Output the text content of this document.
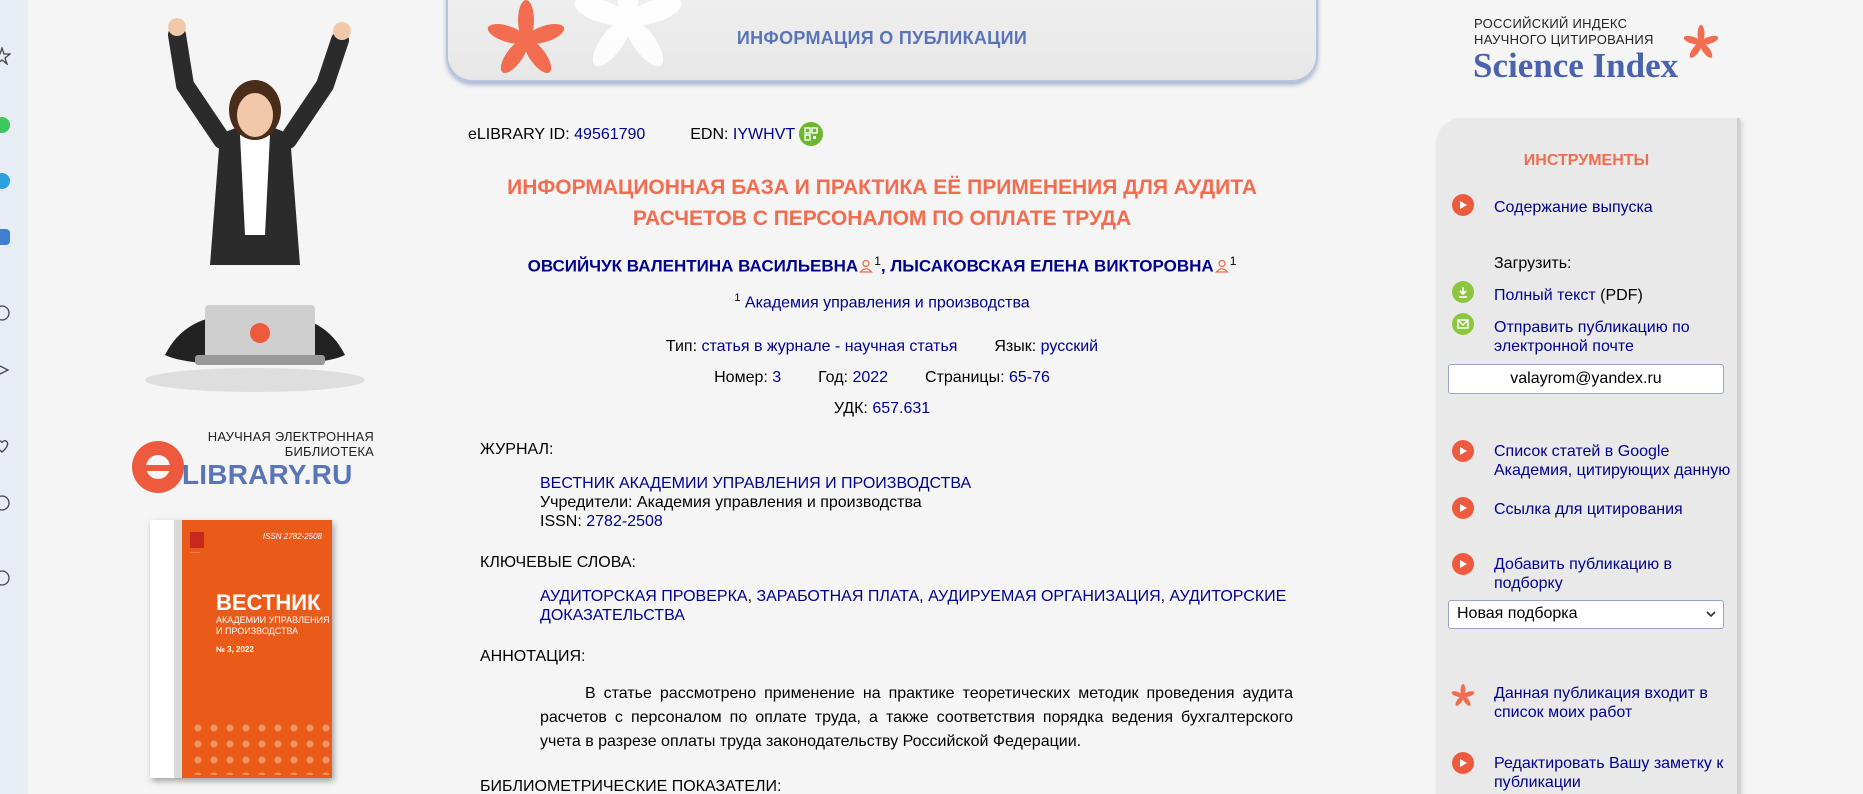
НАУЧНАЯ ЭЛЕКТРОННАЯ
БИБЛИОТЕКА
LIBRARY.RU
·····
ISSN 2782-2508
ВЕСТНИК
АКАДЕМИИ УПРАВЛЕНИЯ
И ПРОИЗВОДСТВА
№ 3, 2022
ИНФОРМАЦИЯ О ПУБЛИКАЦИИ
eLIBRARY ID: 49561790	EDN: IYWHVT
ИНФОРМАЦИОННАЯ БАЗА И ПРАКТИКА ЕЁ ПРИМЕНЕНИЯ ДЛЯ АУДИТА РАСЧЕТОВ С ПЕРСОНАЛОМ ПО ОПЛАТЕ ТРУДА
ОВСИЙЧУК ВАЛЕНТИНА ВАСИЛЬЕВНА $^1$, ЛЫСАКОВСКАЯ ЕЛЕНА ВИКТОРОВНА $^1$
$^1$ Академия управления и производства
Тип: статья в журнале - научная статья Язык: русский
Номер: 3 Год: 2022 Страницы: 65-76
УДК: 657.631
ЖУРНАЛ:
ВЕСТНИК АКАДЕМИИ УПРАВЛЕНИЯ И ПРОИЗВОДСТВА
Учредители: Академия управления и производства
ISSN: 2782-2508
КЛЮЧЕВЫЕ СЛОВА:
АУДИТОРСКАЯ ПРОВЕРКА, ЗАРАБОТНАЯ ПЛАТА, АУДИРУЕМАЯ ОРГАНИЗАЦИЯ, АУДИТОРСКИЕ ДОКАЗАТЕЛЬСТВА
АННОТАЦИЯ:
В статье рассмотрено применение на практике теоретических методик проведения аудита расчетов с персоналом по оплате труда, а также соответствия порядка ведения бухгалтерского учета в разрезе оплаты труда законодательству Российской Федерации.
БИБЛИОМЕТРИЧЕСКИЕ ПОКАЗАТЕЛИ:
РОССИЙСКИЙ ИНДЕКС
НАУЧНОГО ЦИТИРОВАНИЯ
Science Index
ИНСТРУМЕНТЫ
Содержание выпуска
Загрузить:
Полный текст (PDF)
Отправить публикацию по электронной почте
valayrom@yandex.ru
Список статей в Google Академия, цитирующих данную
Ссылка для цитирования
Добавить публикацию в подборку
Новая подборка
Данная публикация входит в список моих работ
Редактировать Вашу заметку к публикации
